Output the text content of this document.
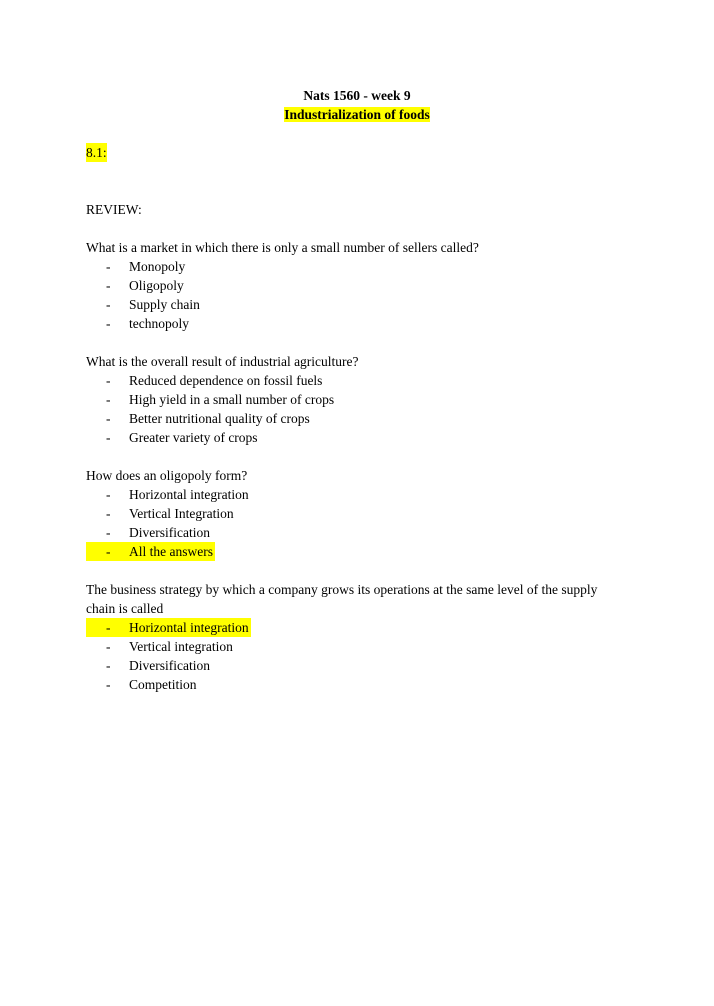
Nats 1560 - week 9
Industrialization of foods
8.1:
REVIEW:

What is a market in which there is only a small number of sellers called?

- Monopoly
- Oligopoly
- Supply chain
- technopoly

What is the overall result of industrial agriculture?

- Reduced dependence on fossil fuels
- High yield in a small number of crops
- Better nutritional quality of crops
- Greater variety of crops

How does an oligopoly form?

- Horizontal integration
- Vertical Integration
- Diversification
- All the answers

The business strategy by which a company grows its operations at the same level of the supply chain is called

- Horizontal integration
- Vertical integration
- Diversification
- Competition
